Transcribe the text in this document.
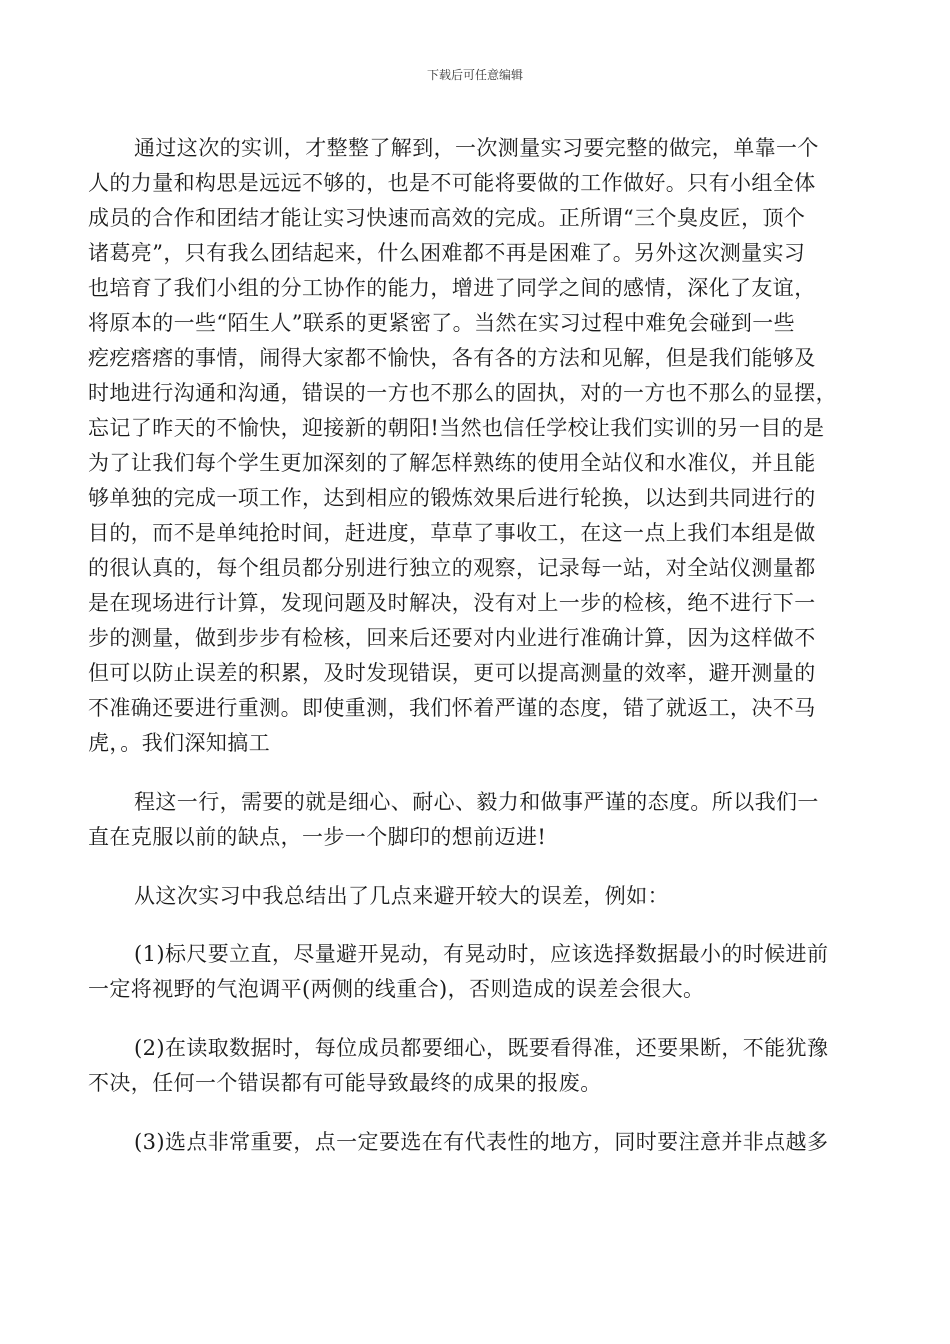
下载后可任意编辑
通过这次的实训，才整整了解到，一次测量实习要完整的做完，单靠一个
人的力量和构思是远远不够的，也是不可能将要做的工作做好。只有小组全体
成员的合作和团结才能让实习快速而高效的完成。正所谓“三个臭皮匠，顶个
诸葛亮”，只有我么团结起来，什么困难都不再是困难了。另外这次测量实习
也培育了我们小组的分工协作的能力，增进了同学之间的感情，深化了友谊，
将原本的一些“陌生人”联系的更紧密了。当然在实习过程中难免会碰到一些
疙疙瘩瘩的事情，闹得大家都不愉快，各有各的方法和见解，但是我们能够及
时地进行沟通和沟通，错误的一方也不那么的固执，对的一方也不那么的显摆，
忘记了昨天的不愉快，迎接新的朝阳!当然也信任学校让我们实训的另一目的是
为了让我们每个学生更加深刻的了解怎样熟练的使用全站仪和水准仪，并且能
够单独的完成一项工作，达到相应的锻炼效果后进行轮换，以达到共同进行的
目的，而不是单纯抢时间，赶进度，草草了事收工，在这一点上我们本组是做
的很认真的，每个组员都分别进行独立的观察，记录每一站，对全站仪测量都
是在现场进行计算，发现问题及时解决，没有对上一步的检核，绝不进行下一
步的测量，做到步步有检核，回来后还要对内业进行准确计算，因为这样做不
但可以防止误差的积累，及时发现错误，更可以提高测量的效率，避开测量的
不准确还要进行重测。即使重测，我们怀着严谨的态度，错了就返工，决不马
虎，。我们深知搞工
程这一行，需要的就是细心、耐心、毅力和做事严谨的态度。所以我们一
直在克服以前的缺点，一步一个脚印的想前迈进!
从这次实习中我总结出了几点来避开较大的误差，例如：
(1)标尺要立直，尽量避开晃动，有晃动时，应该选择数据最小的时候进前
一定将视野的气泡调平(两侧的线重合)，否则造成的误差会很大。
(2)在读取数据时，每位成员都要细心，既要看得准，还要果断，不能犹豫
不决，任何一个错误都有可能导致最终的成果的报废。
(3)选点非常重要，点一定要选在有代表性的地方，同时要注意并非点越多
